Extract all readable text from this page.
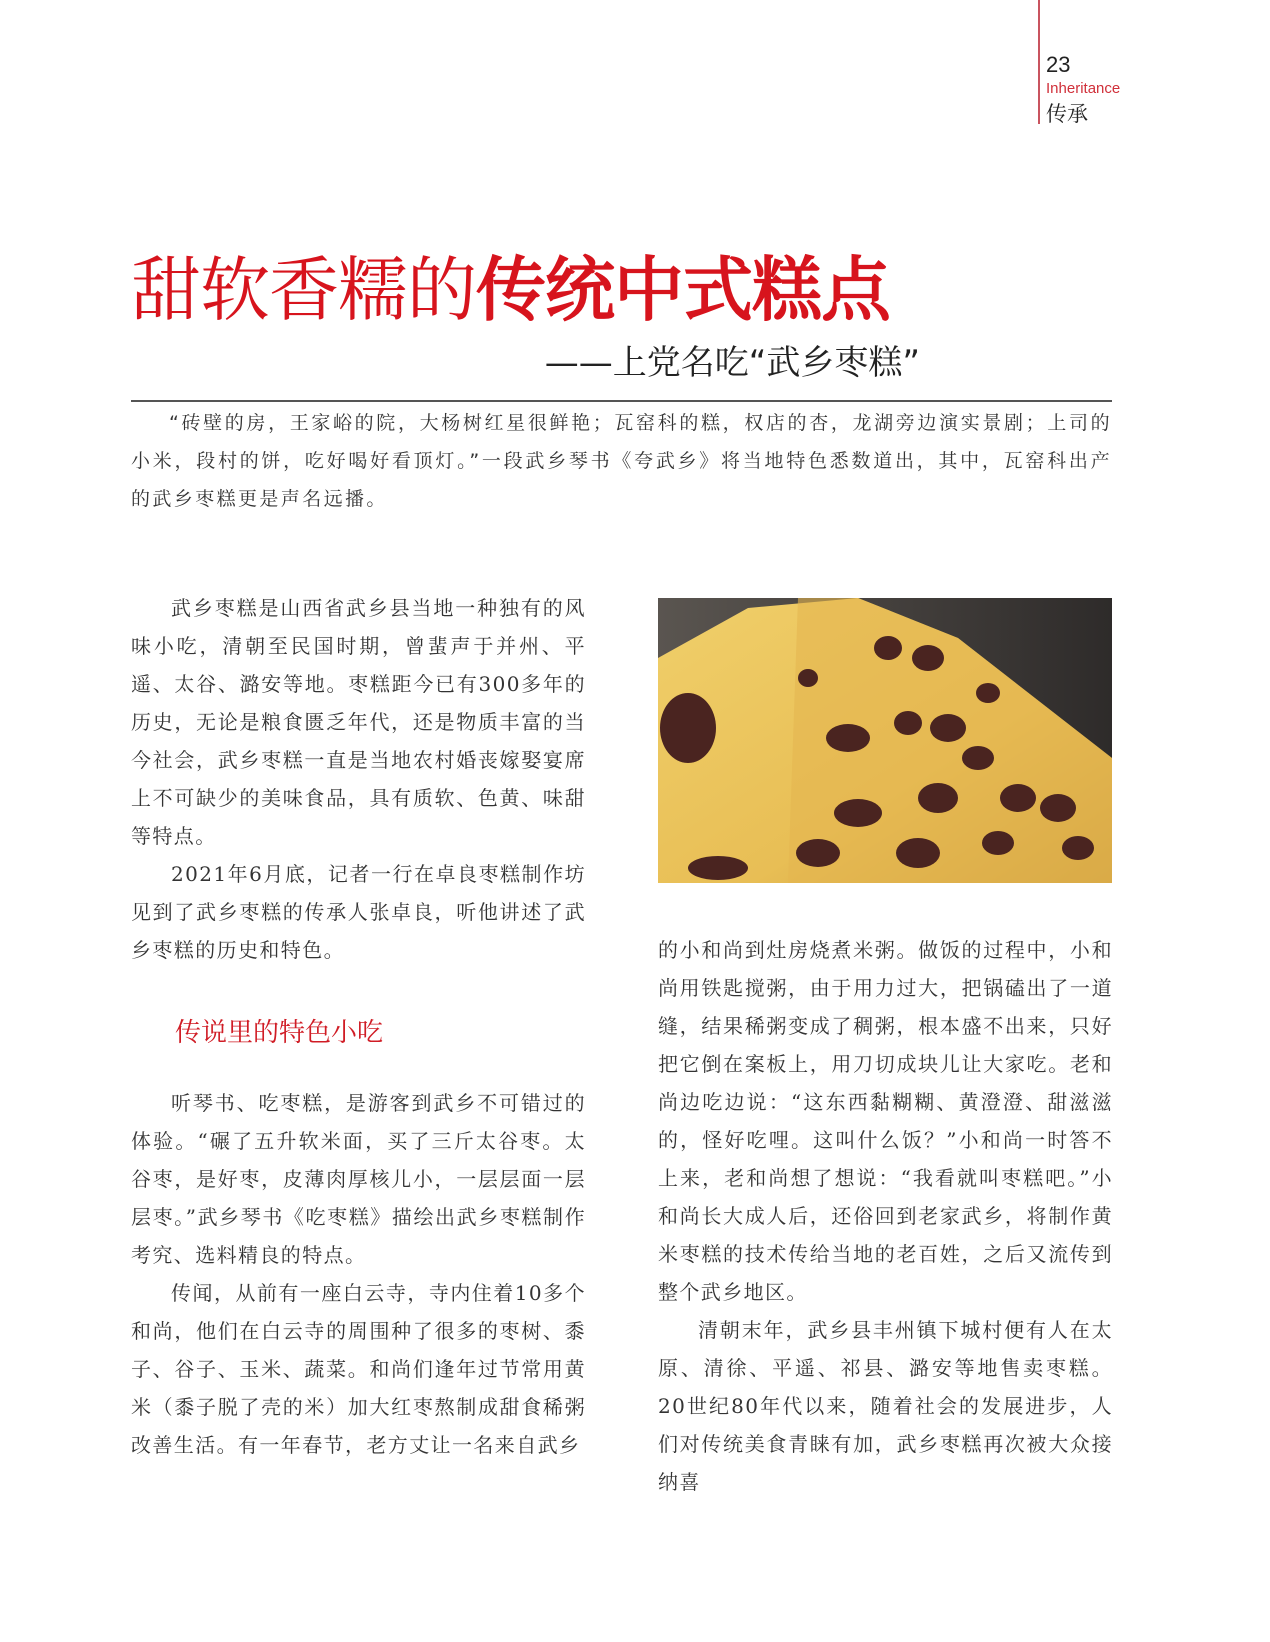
23
Inheritance
传承
甜软香糯的传统中式糕点
——上党名吃“武乡枣糕”

“砖壁的房，王家峪的院，大杨树红星很鲜艳；瓦窑科的糕，权店的杏，龙湖旁边演实景剧；上司的小米，段村的饼，吃好喝好看顶灯。”一段武乡琴书《夸武乡》将当地特色悉数道出，其中，瓦窑科出产的武乡枣糕更是声名远播。

武乡枣糕是山西省武乡县当地一种独有的风味小吃，清朝至民国时期，曾蜚声于并州、平遥、太谷、潞安等地。枣糕距今已有300多年的历史，无论是粮食匮乏年代，还是物质丰富的当今社会，武乡枣糕一直是当地农村婚丧嫁娶宴席上不可缺少的美味食品，具有质软、色黄、味甜等特点。

2021年6月底，记者一行在卓良枣糕制作坊见到了武乡枣糕的传承人张卓良，听他讲述了武乡枣糕的历史和特色。

传说里的特色小吃

听琴书、吃枣糕，是游客到武乡不可错过的体验。“碾了五升软米面，买了三斤太谷枣。太谷枣，是好枣，皮薄肉厚核儿小，一层层面一层层枣。”武乡琴书《吃枣糕》描绘出武乡枣糕制作考究、选料精良的特点。

传闻，从前有一座白云寺，寺内住着10多个和尚，他们在白云寺的周围种了很多的枣树、黍子、谷子、玉米、蔬菜。和尚们逢年过节常用黄米（黍子脱了壳的米）加大红枣熬制成甜食稀粥改善生活。有一年春节，老方丈让一名来自武乡

的小和尚到灶房烧煮米粥。做饭的过程中，小和尚用铁匙搅粥，由于用力过大，把锅磕出了一道缝，结果稀粥变成了稠粥，根本盛不出来，只好把它倒在案板上，用刀切成块儿让大家吃。老和尚边吃边说：“这东西黏糊糊、黄澄澄、甜滋滋的，怪好吃哩。这叫什么饭？”小和尚一时答不上来，老和尚想了想说：“我看就叫枣糕吧。”小和尚长大成人后，还俗回到老家武乡，将制作黄米枣糕的技术传给当地的老百姓，之后又流传到整个武乡地区。

清朝末年，武乡县丰州镇下城村便有人在太原、清徐、平遥、祁县、潞安等地售卖枣糕。20世纪80年代以来，随着社会的发展进步，人们对传统美食青睐有加，武乡枣糕再次被大众接纳喜
